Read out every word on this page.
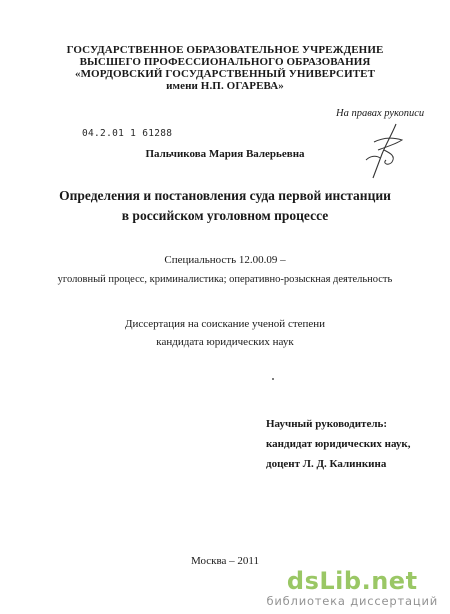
ГОСУДАРСТВЕННОЕ ОБРАЗОВАТЕЛЬНОЕ УЧРЕЖДЕНИЕ
ВЫСШЕГО ПРОФЕССИОНАЛЬНОГО ОБРАЗОВАНИЯ
«МОРДОВСКИЙ ГОСУДАРСТВЕННЫЙ УНИВЕРСИТЕТ
имени Н.П. ОГАРЕВА»
На правах рукописи
04.2.01 1 61288
Пальчикова Мария Валерьевна
Определения и постановления суда первой инстанции
в российском уголовном процессе
Специальность 12.00.09 –
уголовный процесс, криминалистика; оперативно-розыскная деятельность
Диссертация на соискание ученой степени
кандидата юридических наук
Научный руководитель:
кандидат юридических наук,
доцент Л. Д. Калинкина
Москва – 2011
dsLib.net
библиотека диссертаций
